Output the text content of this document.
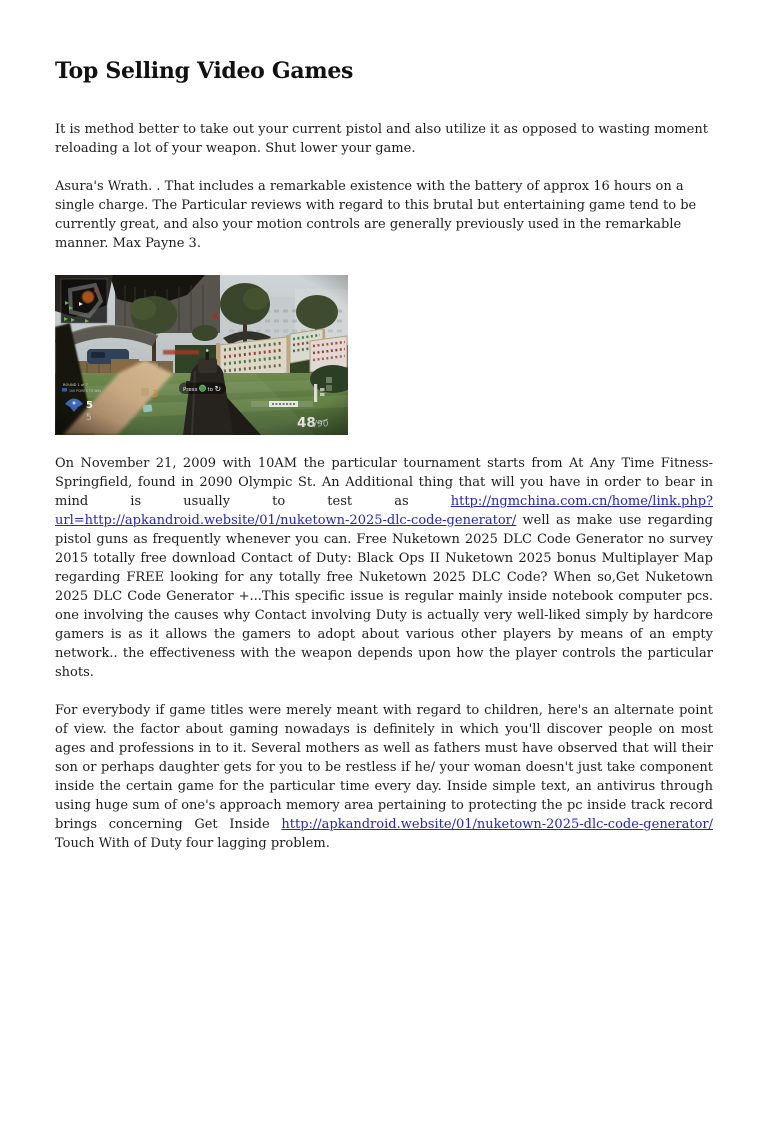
Top Selling Video Games

It is method better to take out your current pistol and also utilize it as opposed to wasting moment reloading a lot of your weapon. Shut lower your game.

Asura's Wrath. . That includes a remarkable existence with the battery of approx 16 hours on a single charge. The Particular reviews with regard to this brutal but entertaining game tend to be currently great, and also your motion controls are generally previously used in the remarkable manner. Max Payne 3.

On November 21, 2009 with 10AM the particular tournament starts from At Any Time Fitness-Springfield, found in 2090 Olympic St. An Additional thing that will you have in order to bear in mind is usually to test as http://ngmchina.com.cn/home/link.php?url=http://apkandroid.website/01/nuketown-2025-dlc-code-generator/ well as make use regarding pistol guns as frequently whenever you can. Free Nuketown 2025 DLC Code Generator no survey 2015 totally free download Contact of Duty: Black Ops II Nuketown 2025 bonus Multiplayer Map regarding FREE looking for any totally free Nuketown 2025 DLC Code? When so,Get Nuketown 2025 DLC Code Generator +...This specific issue is regular mainly inside notebook computer pcs. one involving the causes why Contact involving Duty is actually very well-liked simply by hardcore gamers is as it allows the gamers to adopt about various other players by means of an empty network.. the effectiveness with the weapon depends upon how the player controls the particular shots.

For everybody if game titles were merely meant with regard to children, here's an alternate point of view. the factor about gaming nowadays is definitely in which you'll discover people on most ages and professions in to it. Several mothers as well as fathers must have observed that will their son or perhaps daughter gets for you to be restless if he/ your woman doesn't just take component inside the certain game for the particular time every day. Inside simple text, an antivirus through using huge sum of one's approach memory area pertaining to protecting the pc inside track record brings concerning Get Inside http://apkandroid.website/01/nuketown-2025-dlc-code-generator/ Touch With of Duty four lagging problem.
